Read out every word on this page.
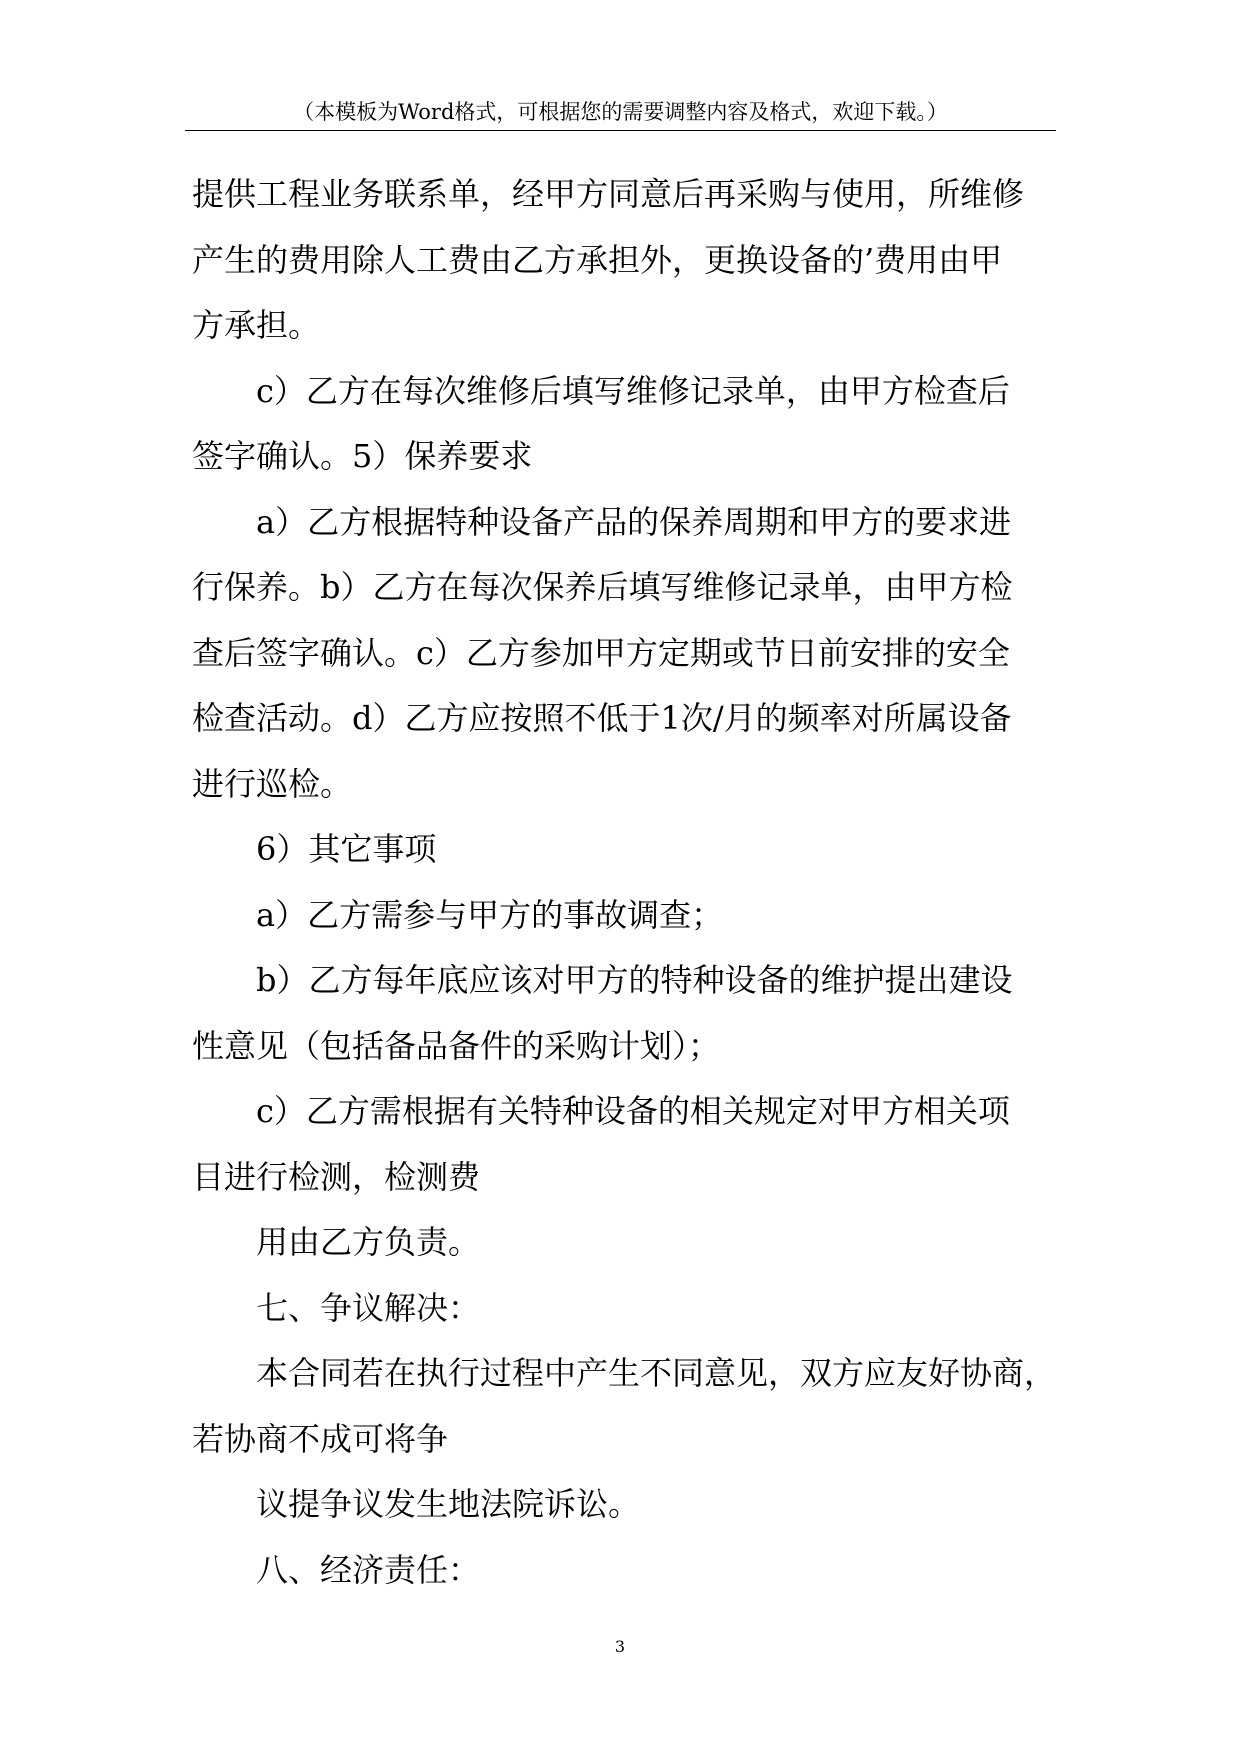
（本模板为Word格式，可根据您的需要调整内容及格式，欢迎下载。）

提供工程业务联系单，经甲方同意后再采购与使用，所维修
产生的费用除人工费由乙方承担外，更换设备的’费用由甲
方承担。

c）乙方在每次维修后填写维修记录单，由甲方检查后
签字确认。5）保养要求

a）乙方根据特种设备产品的保养周期和甲方的要求进
行保养。b）乙方在每次保养后填写维修记录单，由甲方检
查后签字确认。c）乙方参加甲方定期或节日前安排的安全
检查活动。d）乙方应按照不低于1次/月的频率对所属设备
进行巡检。

6）其它事项

a）乙方需参与甲方的事故调查；

b）乙方每年底应该对甲方的特种设备的维护提出建设
性意见（包括备品备件的采购计划）；

c）乙方需根据有关特种设备的相关规定对甲方相关项
目进行检测，检测费

用由乙方负责。

七、争议解决：

本合同若在执行过程中产生不同意见，双方应友好协商，
若协商不成可将争

议提争议发生地法院诉讼。

八、经济责任：

3
